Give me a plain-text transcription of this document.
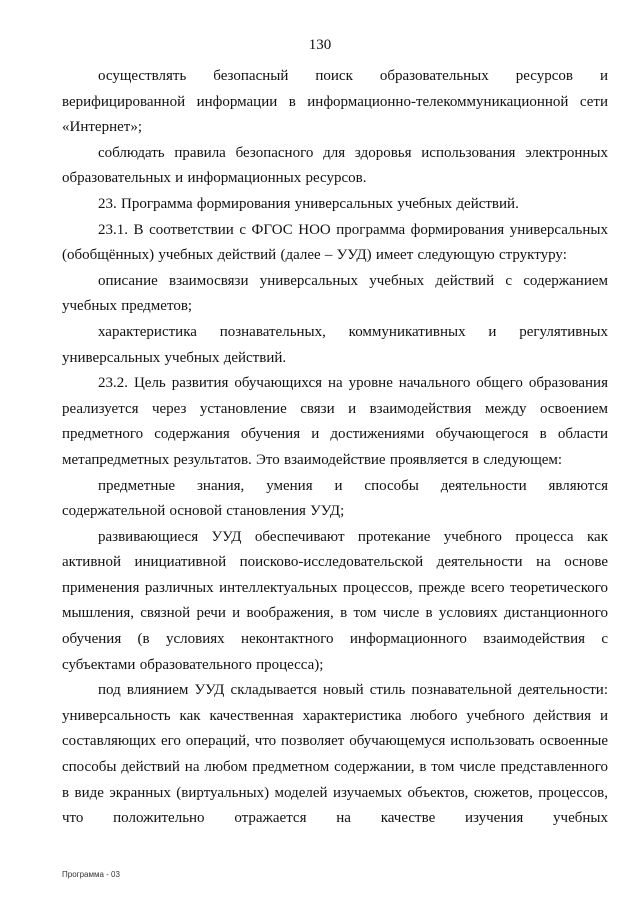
130

осуществлять безопасный поиск образовательных ресурсов и верифицированной информации в информационно-телекоммуникационной сети «Интернет»;

соблюдать правила безопасного для здоровья использования электронных образовательных и информационных ресурсов.

23. Программа формирования универсальных учебных действий.

23.1. В соответствии с ФГОС НОО программа формирования универсальных (обобщённых) учебных действий (далее – УУД) имеет следующую структуру:

описание взаимосвязи универсальных учебных действий с содержанием учебных предметов;

характеристика познавательных, коммуникативных и регулятивных универсальных учебных действий.

23.2. Цель развития обучающихся на уровне начального общего образования реализуется через установление связи и взаимодействия между освоением предметного содержания обучения и достижениями обучающегося в области метапредметных результатов. Это взаимодействие проявляется в следующем:

предметные знания, умения и способы деятельности являются содержательной основой становления УУД;

развивающиеся УУД обеспечивают протекание учебного процесса как активной инициативной поисково-исследовательской деятельности на основе применения различных интеллектуальных процессов, прежде всего теоретического мышления, связной речи и воображения, в том числе в условиях дистанционного обучения (в условиях неконтактного информационного взаимодействия с субъектами образовательного процесса);

под влиянием УУД складывается новый стиль познавательной деятельности: универсальность как качественная характеристика любого учебного действия и составляющих его операций, что позволяет обучающемуся использовать освоенные способы действий на любом предметном содержании, в том числе представленного в виде экранных (виртуальных) моделей изучаемых объектов, сюжетов, процессов, что положительно отражается на качестве изучения учебных

Программа - 03
